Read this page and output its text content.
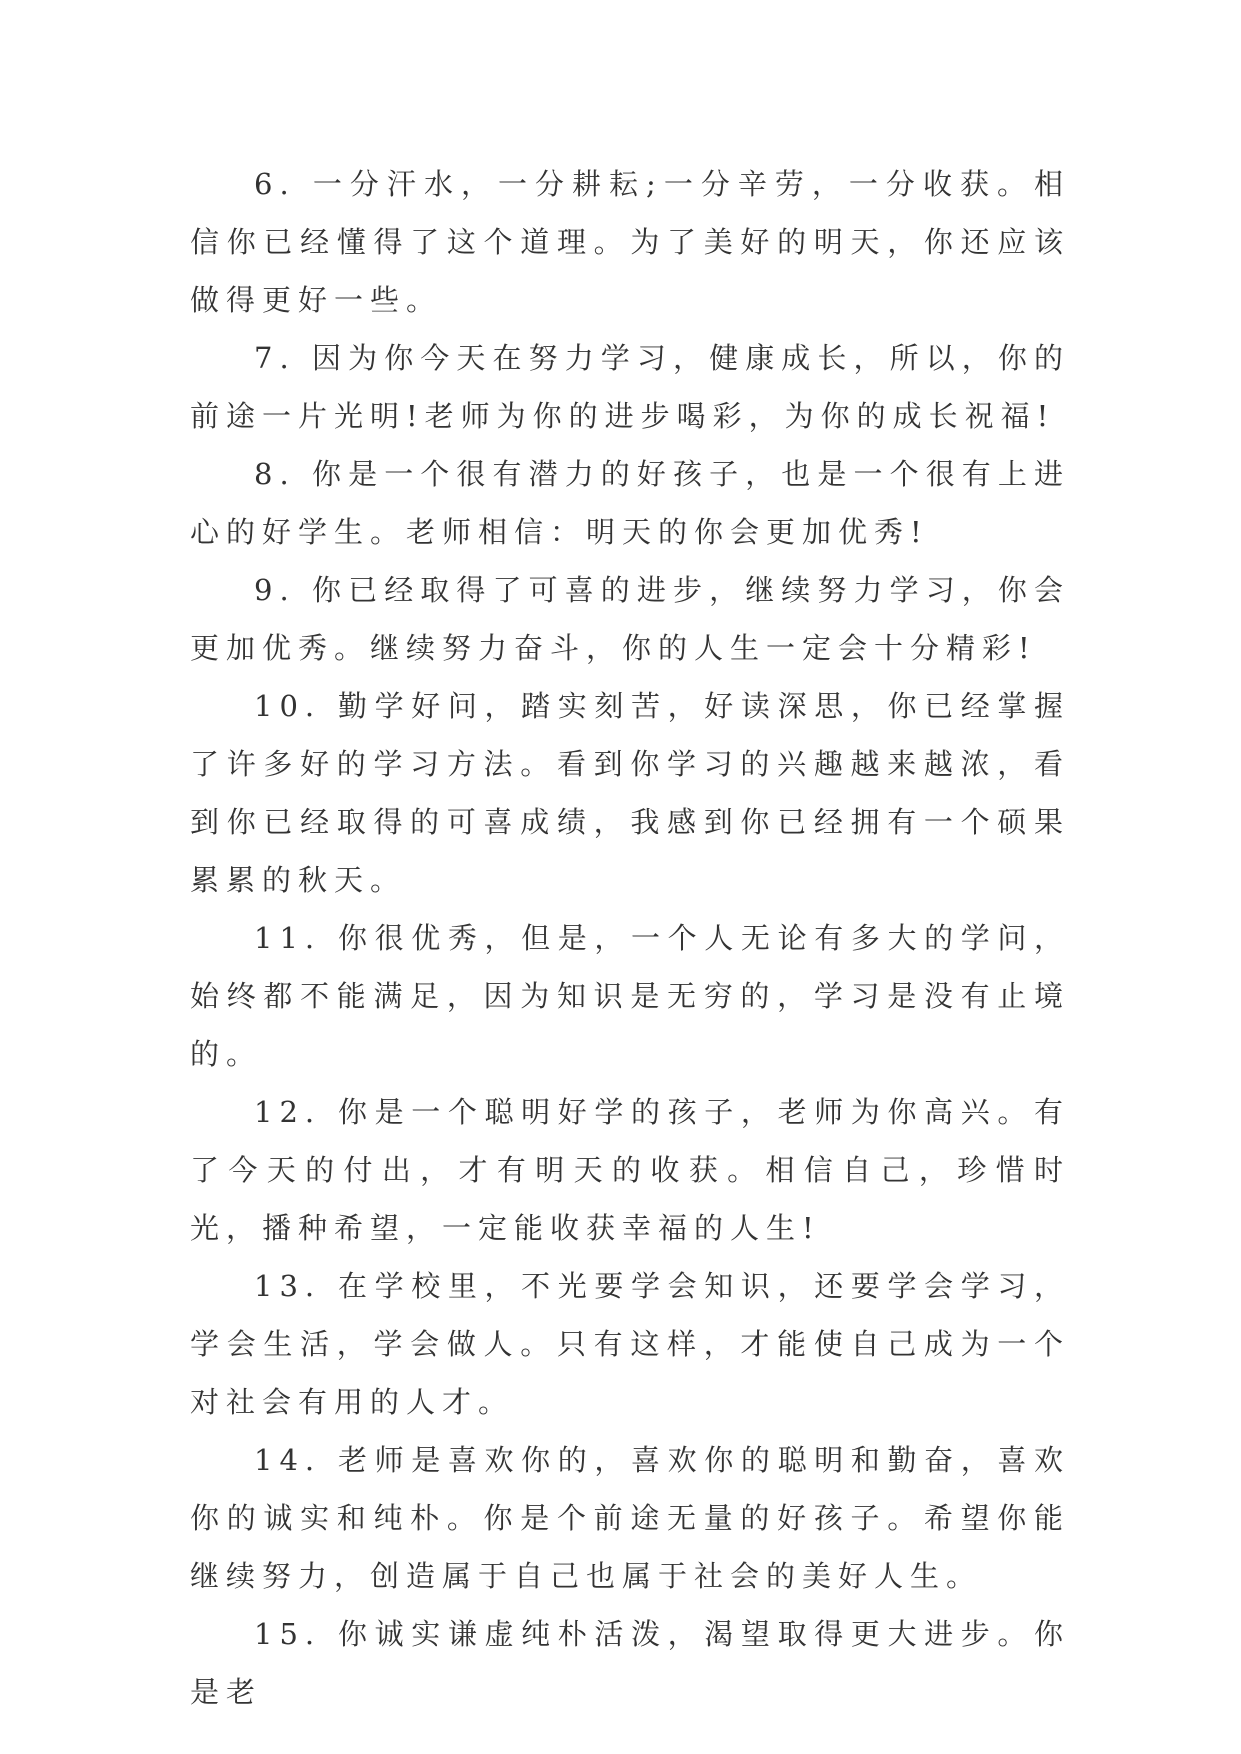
6. 一分汗水，一分耕耘;一分辛劳，一分收获。相信你已经懂得了这个道理。为了美好的明天，你还应该做得更好一些。

7. 因为你今天在努力学习，健康成长，所以，你的前途一片光明!老师为你的进步喝彩，为你的成长祝福!

8. 你是一个很有潜力的好孩子，也是一个很有上进心的好学生。老师相信：明天的你会更加优秀!

9. 你已经取得了可喜的进步，继续努力学习，你会更加优秀。继续努力奋斗，你的人生一定会十分精彩!

10. 勤学好问，踏实刻苦，好读深思，你已经掌握了许多好的学习方法。看到你学习的兴趣越来越浓，看到你已经取得的可喜成绩，我感到你已经拥有一个硕果累累的秋天。

11. 你很优秀，但是，一个人无论有多大的学问，始终都不能满足，因为知识是无穷的，学习是没有止境的。

12. 你是一个聪明好学的孩子，老师为你高兴。有了今天的付出，才有明天的收获。相信自己，珍惜时光，播种希望，一定能收获幸福的人生!

13. 在学校里，不光要学会知识，还要学会学习，学会生活，学会做人。只有这样，才能使自己成为一个对社会有用的人才。

14. 老师是喜欢你的，喜欢你的聪明和勤奋，喜欢你的诚实和纯朴。你是个前途无量的好孩子。希望你能继续努力，创造属于自己也属于社会的美好人生。

15. 你诚实谦虚纯朴活泼，渴望取得更大进步。你是老
